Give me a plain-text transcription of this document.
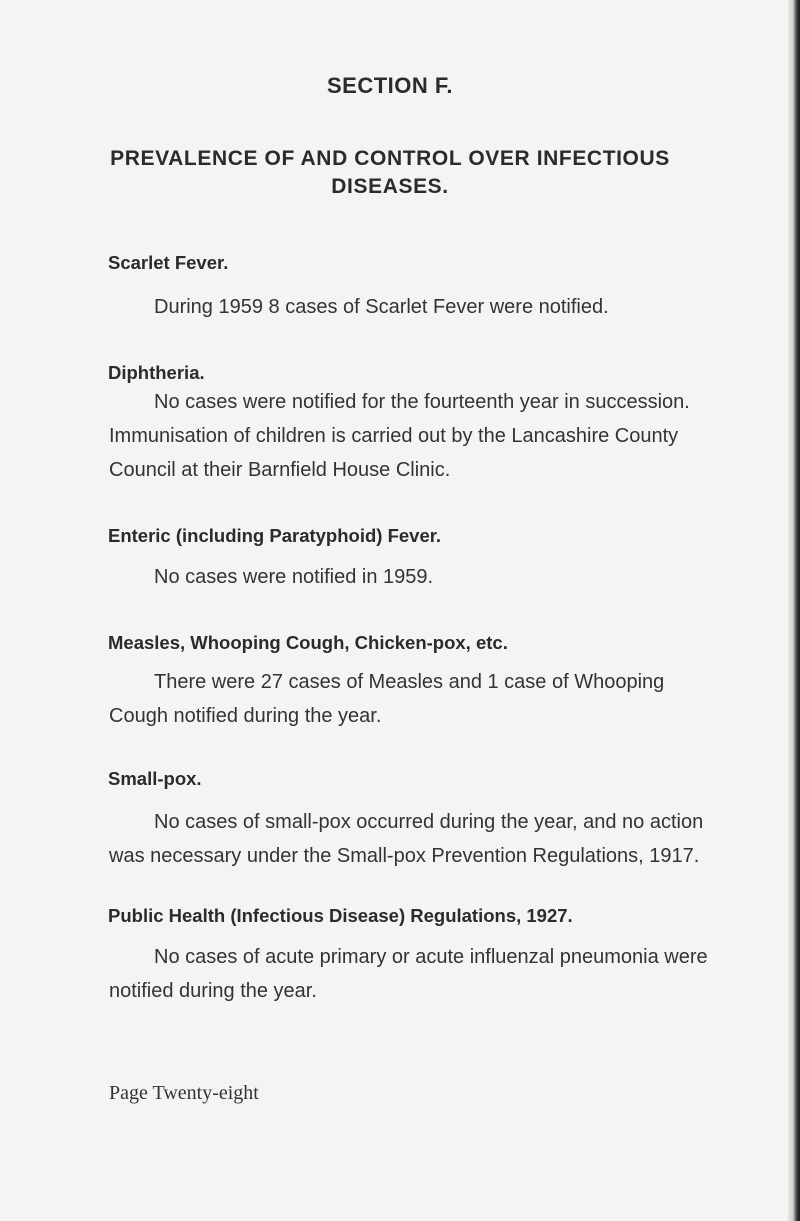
SECTION F.
PREVALENCE OF AND CONTROL OVER INFECTIOUS
DISEASES.
Scarlet Fever.

During 1959 8 cases of Scarlet Fever were notified.

Diphtheria.

No cases were notified for the fourteenth year in succession. Immunisation of children is carried out by the Lancashire County Council at their Barnfield House Clinic.

Enteric (including Paratyphoid) Fever.

No cases were notified in 1959.

Measles, Whooping Cough, Chicken-pox, etc.

There were 27 cases of Measles and 1 case of Whooping Cough notified during the year.

Small-pox.

No cases of small-pox occurred during the year, and no action was necessary under the Small-pox Prevention Regulations, 1917.

Public Health (Infectious Disease) Regulations, 1927.

No cases of acute primary or acute influenzal pneumonia were notified during the year.

Page Twenty-eight
